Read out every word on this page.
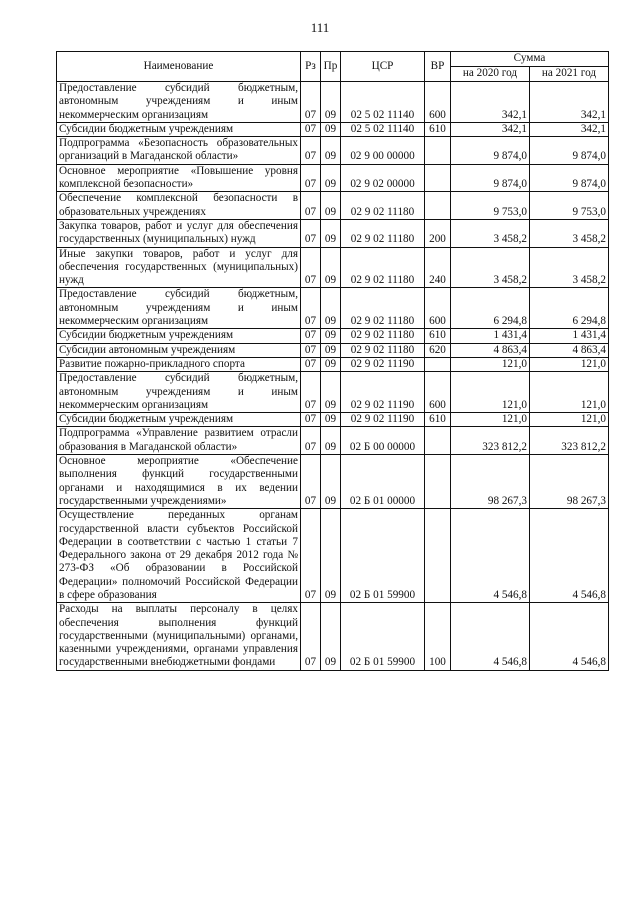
111
Наименование	Рз	Пр	ЦСР	ВР	Сумма	
					на 2020 год	на 2021 год
Предоставление субсидий бюджетным, автономным учреждениям и иным некоммерческим организациям	07	09	02 5 02 11140	600	342,1	342,1
Субсидии бюджетным учреждениям	07	09	02 5 02 11140	610	342,1	342,1
Подпрограмма «Безопасность образовательных организаций в Магаданской области»	07	09	02 9 00 00000		9 874,0	9 874,0
Основное мероприятие «Повышение уровня комплексной безопасности»	07	09	02 9 02 00000		9 874,0	9 874,0
Обеспечение комплексной безопасности в образовательных учреждениях	07	09	02 9 02 11180		9 753,0	9 753,0
Закупка товаров, работ и услуг для обеспечения государственных (муниципальных) нужд	07	09	02 9 02 11180	200	3 458,2	3 458,2
Иные закупки товаров, работ и услуг для обеспечения государственных (муниципальных) нужд	07	09	02 9 02 11180	240	3 458,2	3 458,2
Предоставление субсидий бюджетным, автономным учреждениям и иным некоммерческим организациям	07	09	02 9 02 11180	600	6 294,8	6 294,8
Субсидии бюджетным учреждениям	07	09	02 9 02 11180	610	1 431,4	1 431,4
Субсидии автономным учреждениям	07	09	02 9 02 11180	620	4 863,4	4 863,4
Развитие пожарно-прикладного спорта	07	09	02 9 02 11190		121,0	121,0
Предоставление субсидий бюджетным, автономным учреждениям и иным некоммерческим организациям	07	09	02 9 02 11190	600	121,0	121,0
Субсидии бюджетным учреждениям	07	09	02 9 02 11190	610	121,0	121,0
Подпрограмма «Управление развитием отрасли образования в Магаданской области»	07	09	02 Б 00 00000		323 812,2	323 812,2
Основное мероприятие «Обеспечение выполнения функций государственными органами и находящимися в их ведении государственными учреждениями»	07	09	02 Б 01 00000		98 267,3	98 267,3
Осуществление переданных органам государственной власти субъектов Российской Федерации в соответствии с частью 1 статьи 7 Федерального закона от 29 декабря 2012 года № 273-ФЗ «Об образовании в Российской Федерации» полномочий Российской Федерации в сфере образования	07	09	02 Б 01 59900		4 546,8	4 546,8
Расходы на выплаты персоналу в целях обеспечения выполнения функций государственными (муниципальными) органами, казенными учреждениями, органами управления государственными внебюджетными фондами	07	09	02 Б 01 59900	100	4 546,8	4 546,8
